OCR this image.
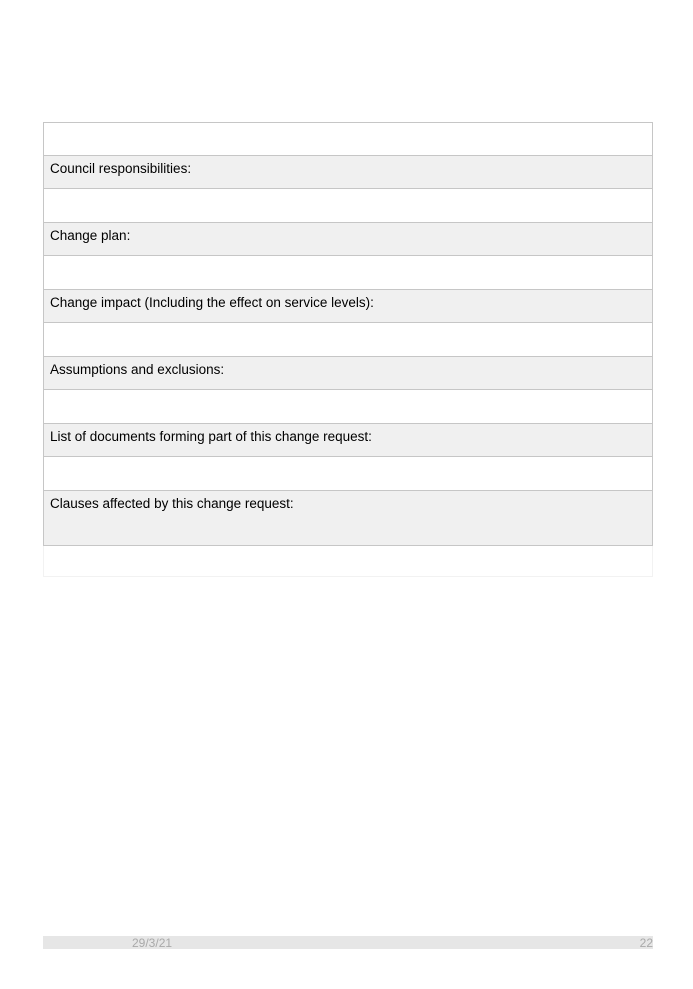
Council responsibilities:
Change plan:
Change impact (Including the effect on service levels):
Assumptions and exclusions:
List of documents forming part of this change request:
Clauses affected by this change request:
29/3/21	22
